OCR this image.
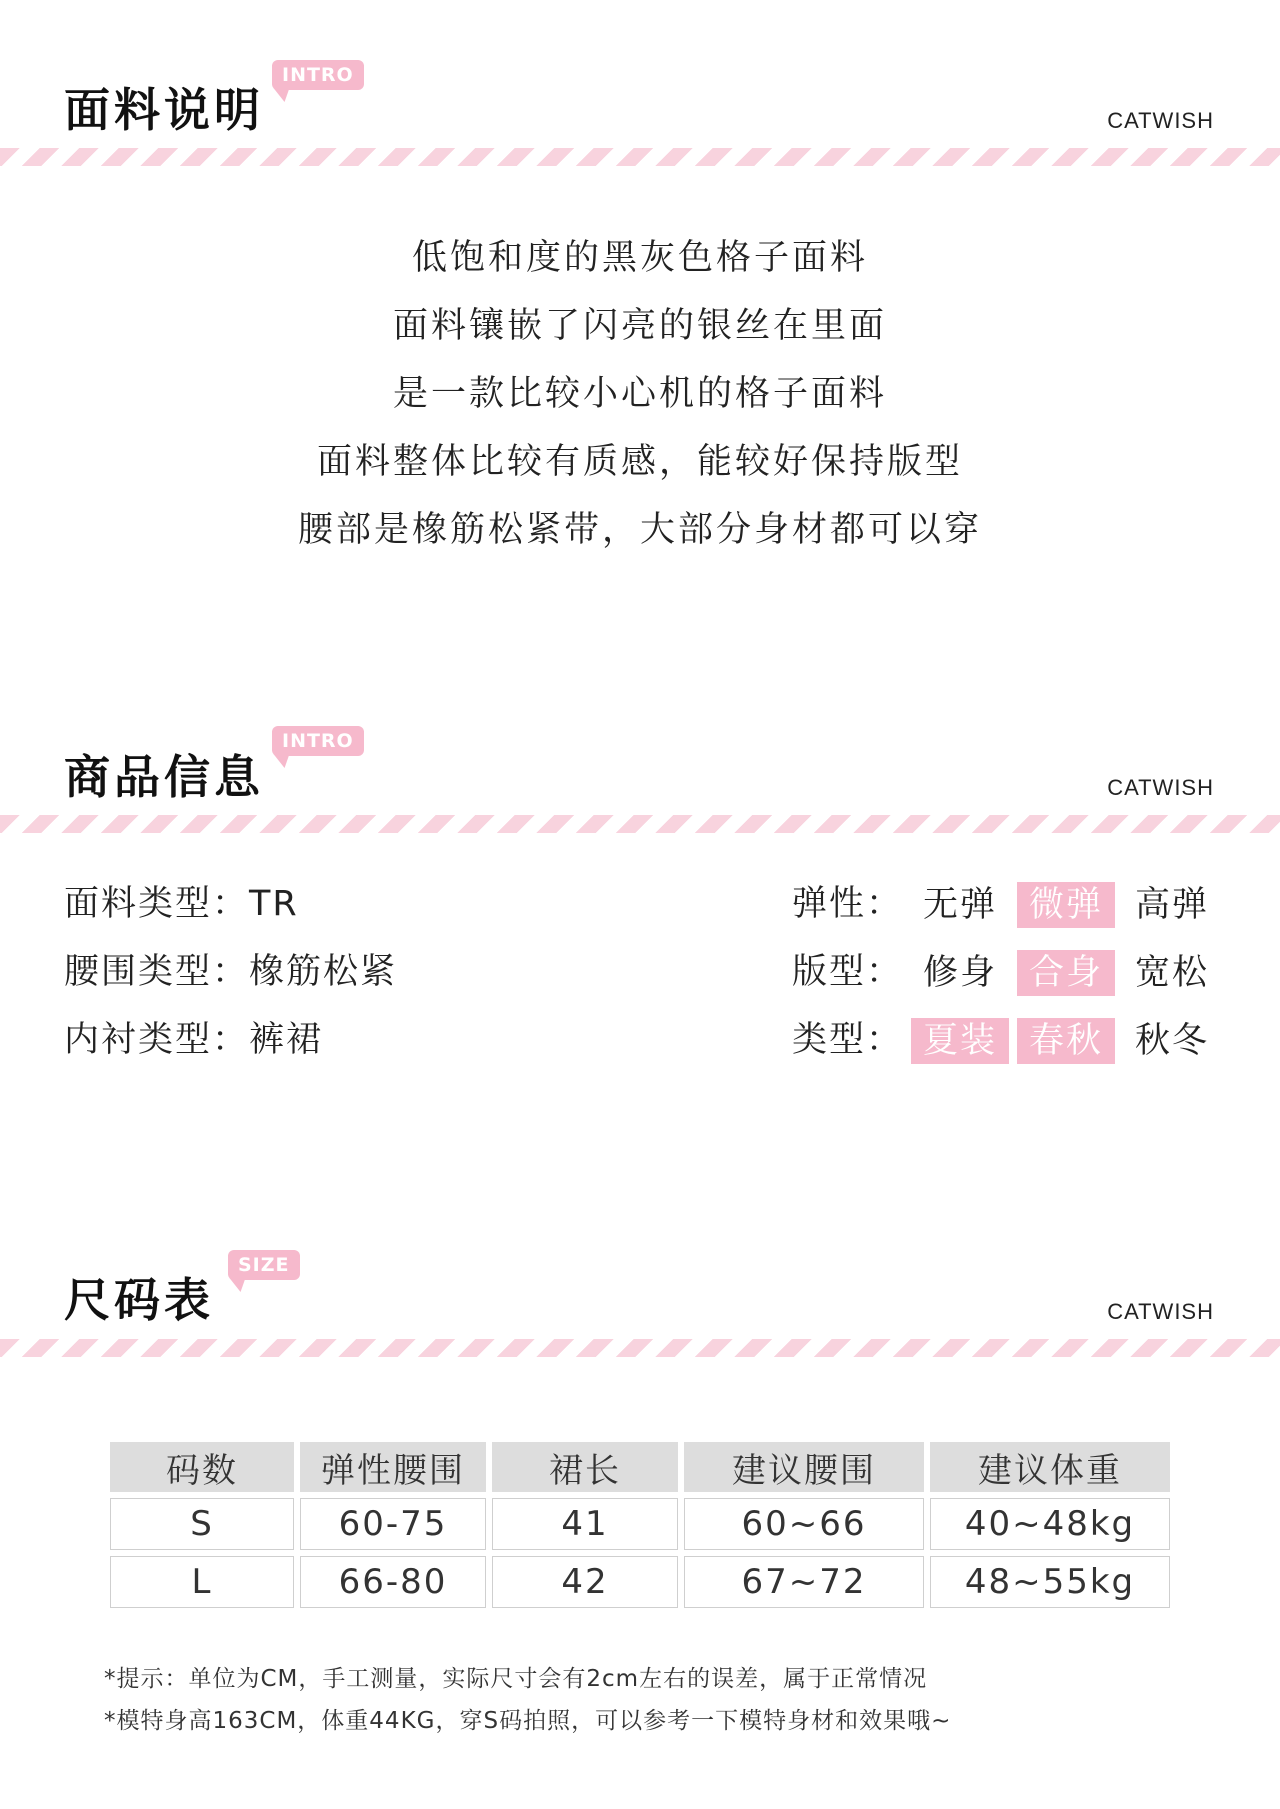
面料说明
INTRO
CATWISH
低饱和度的黑灰色格子面料
面料镶嵌了闪亮的银丝在里面
是一款比较小心机的格子面料
面料整体比较有质感，能较好保持版型
腰部是橡筋松紧带，大部分身材都可以穿
商品信息
INTRO
CATWISH
面料类型：TR
腰围类型：橡筋松紧
内衬类型：裤裙
弹性： 无弹 微弹 高弹
版型： 修身 合身 宽松
类型： 夏装 春秋 秋冬
尺码表
SIZE
CATWISH
码数	弹性腰围	裙长	建议腰围	建议体重
S	60-75	41	60~66	40~48kg
L	66-80	42	67~72	48~55kg
*提示：单位为CM，手工测量，实际尺寸会有2cm左右的误差，属于正常情况
*模特身高163CM，体重44KG，穿S码拍照，可以参考一下模特身材和效果哦~
